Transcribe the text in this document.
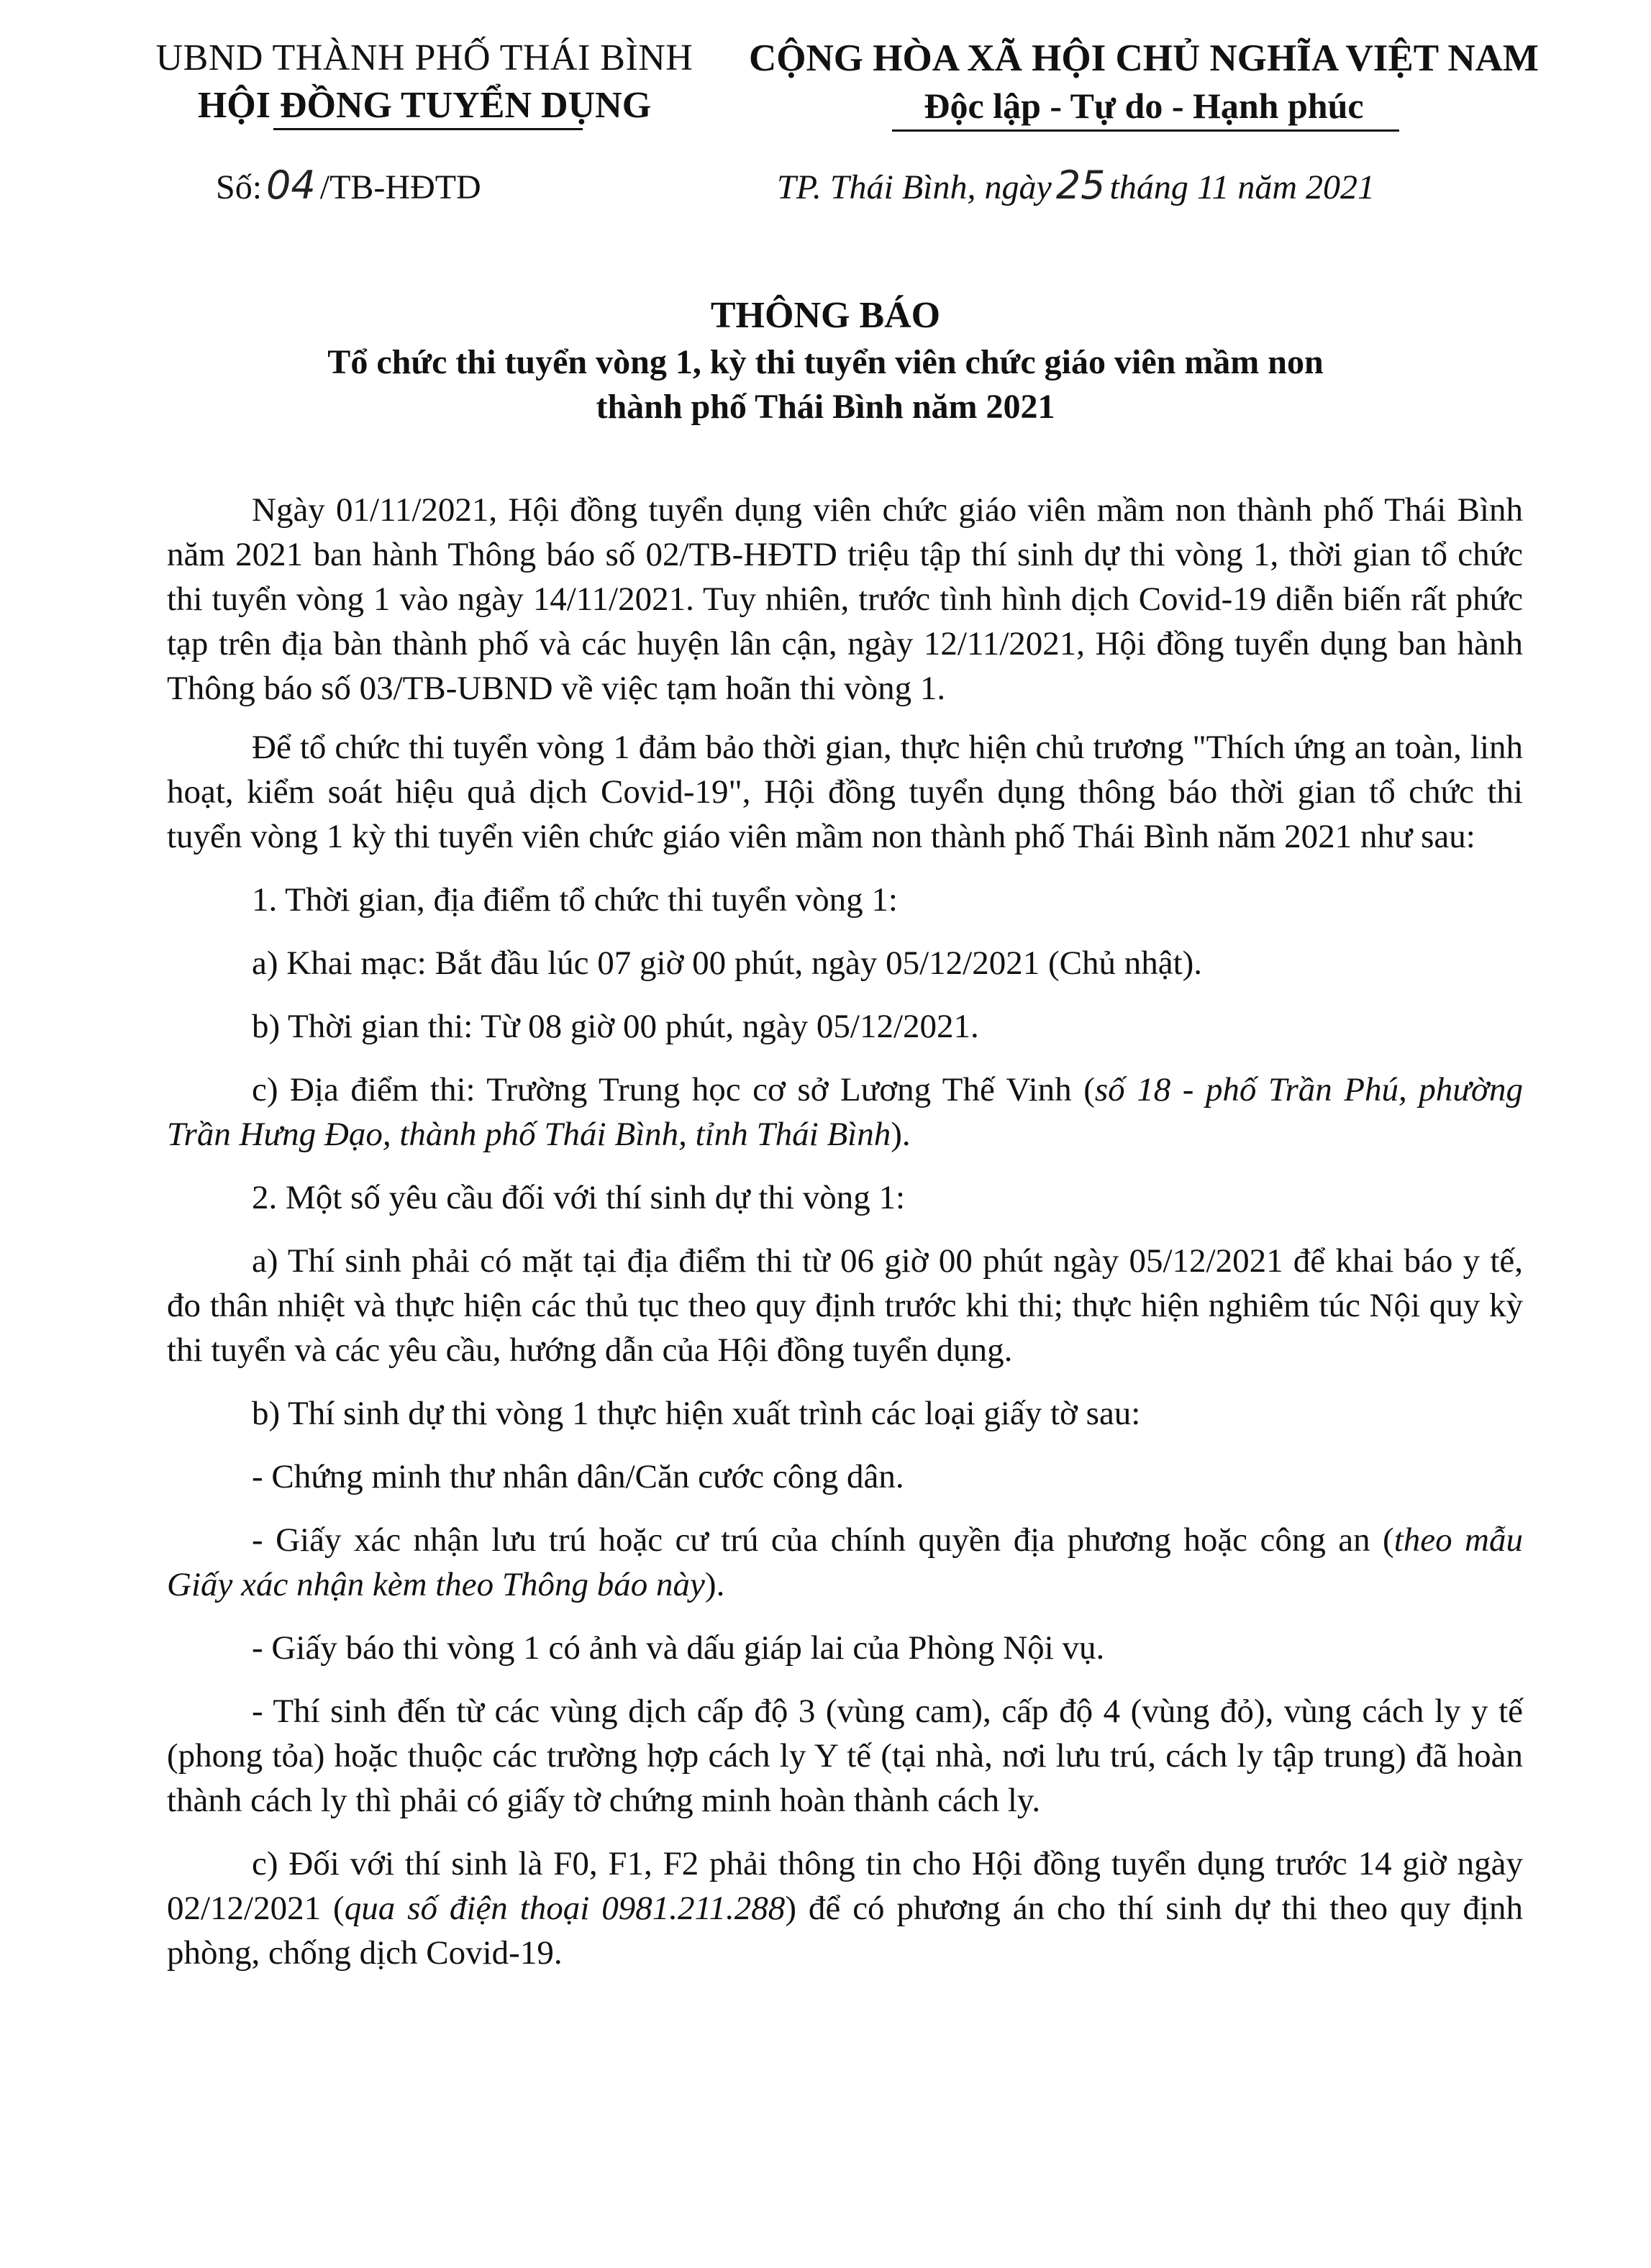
UBND THÀNH PHỐ THÁI BÌNH
HỘI ĐỒNG TUYỂN DỤNG
CỘNG HÒA XÃ HỘI CHỦ NGHĨA VIỆT NAM
Độc lập - Tự do - Hạnh phúc
Số: 04 /TB-HĐTD	TP. Thái Bình, ngày 25 tháng 11 năm 2021
THÔNG BÁO
Tổ chức thi tuyển vòng 1, kỳ thi tuyển viên chức giáo viên mầm non
thành phố Thái Bình năm 2021

Ngày 01/11/2021, Hội đồng tuyển dụng viên chức giáo viên mầm non thành phố Thái Bình năm 2021 ban hành Thông báo số 02/TB-HĐTD triệu tập thí sinh dự thi vòng 1, thời gian tổ chức thi tuyển vòng 1 vào ngày 14/11/2021. Tuy nhiên, trước tình hình dịch Covid-19 diễn biến rất phức tạp trên địa bàn thành phố và các huyện lân cận, ngày 12/11/2021, Hội đồng tuyển dụng ban hành Thông báo số 03/TB-UBND về việc tạm hoãn thi vòng 1.

Để tổ chức thi tuyển vòng 1 đảm bảo thời gian, thực hiện chủ trương "Thích ứng an toàn, linh hoạt, kiểm soát hiệu quả dịch Covid-19", Hội đồng tuyển dụng thông báo thời gian tổ chức thi tuyển vòng 1 kỳ thi tuyển viên chức giáo viên mầm non thành phố Thái Bình năm 2021 như sau:

1. Thời gian, địa điểm tổ chức thi tuyển vòng 1:

a) Khai mạc: Bắt đầu lúc 07 giờ 00 phút, ngày 05/12/2021 (Chủ nhật).

b) Thời gian thi: Từ 08 giờ 00 phút, ngày 05/12/2021.

c) Địa điểm thi: Trường Trung học cơ sở Lương Thế Vinh (số 18 - phố Trần Phú, phường Trần Hưng Đạo, thành phố Thái Bình, tỉnh Thái Bình).

2. Một số yêu cầu đối với thí sinh dự thi vòng 1:

a) Thí sinh phải có mặt tại địa điểm thi từ 06 giờ 00 phút ngày 05/12/2021 để khai báo y tế, đo thân nhiệt và thực hiện các thủ tục theo quy định trước khi thi; thực hiện nghiêm túc Nội quy kỳ thi tuyển và các yêu cầu, hướng dẫn của Hội đồng tuyển dụng.

b) Thí sinh dự thi vòng 1 thực hiện xuất trình các loại giấy tờ sau:

- Chứng minh thư nhân dân/Căn cước công dân.

- Giấy xác nhận lưu trú hoặc cư trú của chính quyền địa phương hoặc công an (theo mẫu Giấy xác nhận kèm theo Thông báo này).

- Giấy báo thi vòng 1 có ảnh và dấu giáp lai của Phòng Nội vụ.

- Thí sinh đến từ các vùng dịch cấp độ 3 (vùng cam), cấp độ 4 (vùng đỏ), vùng cách ly y tế (phong tỏa) hoặc thuộc các trường hợp cách ly Y tế (tại nhà, nơi lưu trú, cách ly tập trung) đã hoàn thành cách ly thì phải có giấy tờ chứng minh hoàn thành cách ly.

c) Đối với thí sinh là F0, F1, F2 phải thông tin cho Hội đồng tuyển dụng trước 14 giờ ngày 02/12/2021 (qua số điện thoại 0981.211.288) để có phương án cho thí sinh dự thi theo quy định phòng, chống dịch Covid-19.
